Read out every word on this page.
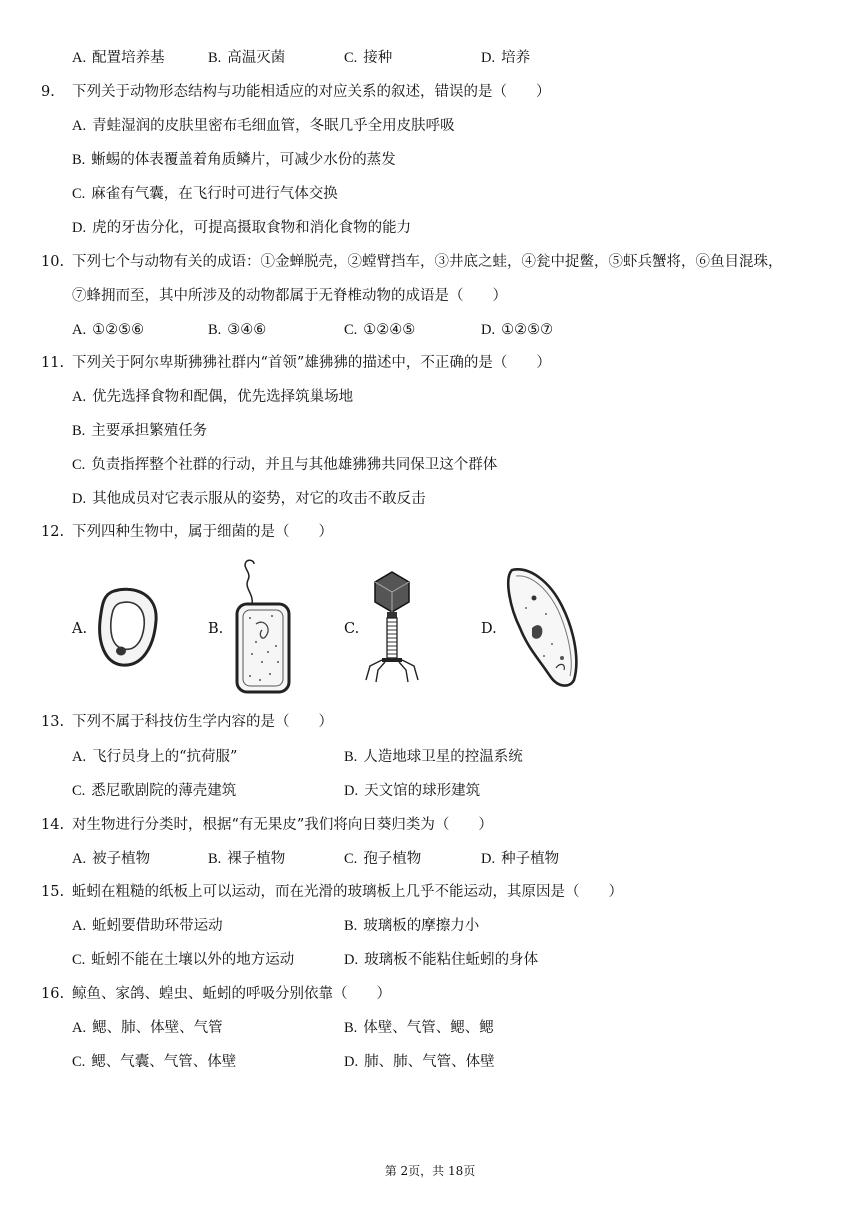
A. 配置培养基	B. 高温灭菌	C. 接种	D. 培养
9. 下列关于动物形态结构与功能相适应的对应关系的叙述，错误的是（　　）
A. 青蛙湿润的皮肤里密布毛细血管，冬眠几乎全用皮肤呼吸
B. 蜥蜴的体表覆盖着角质鳞片，可减少水份的蒸发
C. 麻雀有气囊，在飞行时可进行气体交换
D. 虎的牙齿分化，可提高摄取食物和消化食物的能力
10. 下列七个与动物有关的成语：①金蝉脱壳，②螳臂挡车，③井底之蛙，④瓮中捉鳖，⑤虾兵蟹将，⑥鱼目混珠，
⑦蜂拥而至，其中所涉及的动物都属于无脊椎动物的成语是（　　）
A. ①②⑤⑥	B. ③④⑥	C. ①②④⑤	D. ①②⑤⑦
11. 下列关于阿尔卑斯狒狒社群内“首领”雄狒狒的描述中，不正确的是（　　）
A. 优先选择食物和配偶，优先选择筑巢场地
B. 主要承担繁殖任务
C. 负责指挥整个社群的行动，并且与其他雄狒狒共同保卫这个群体
D. 其他成员对它表示服从的姿势，对它的攻击不敢反击
12. 下列四种生物中，属于细菌的是（　　）
A.	B.	C.	D.
13. 下列不属于科技仿生学内容的是（　　）
A. 飞行员身上的“抗荷服”	B. 人造地球卫星的控温系统
C. 悉尼歌剧院的薄壳建筑	D. 天文馆的球形建筑
14. 对生物进行分类时，根据“有无果皮”我们将向日葵归类为（　　）
A. 被子植物	B. 裸子植物	C. 孢子植物	D. 种子植物
15. 蚯蚓在粗糙的纸板上可以运动，而在光滑的玻璃板上几乎不能运动，其原因是（　　）
A. 蚯蚓要借助环带运动	B. 玻璃板的摩擦力小
C. 蚯蚓不能在土壤以外的地方运动	D. 玻璃板不能粘住蚯蚓的身体
16. 鲸鱼、家鸽、蝗虫、蚯蚓的呼吸分别依靠（　　）
A. 鳃、肺、体壁、气管	B. 体壁、气管、鳃、鳃
C. 鳃、气囊、气管、体壁	D. 肺、肺、气管、体壁
第 2页，共 18页
